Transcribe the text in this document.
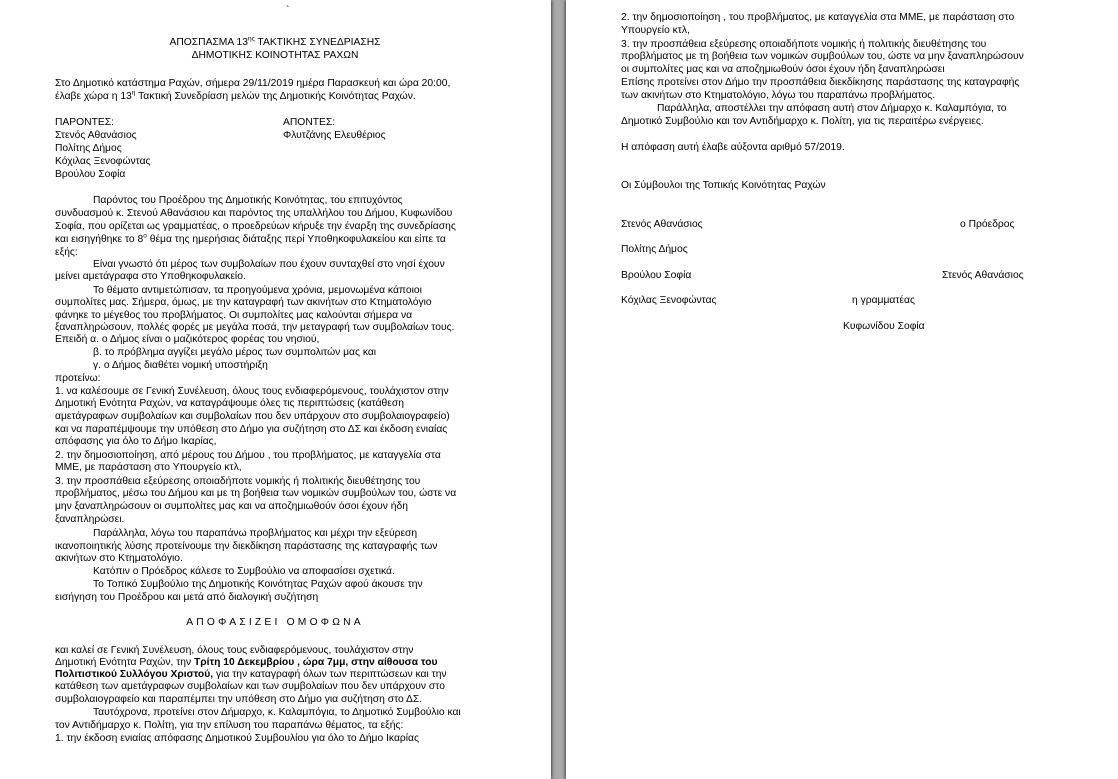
`
ΑΠΟΣΠΑΣΜΑ $13^{\eta\varsigma}$ ΤΑΚΤΙΚΗΣ ΣΥΝΕΔΡΙΑΣΗΣ
ΔΗΜΟΤΙΚΗΣ ΚΟΙΝΟΤΗΤΑΣ ΡΑΧΩΝ
Στο Δημοτικό κατάστημα Ραχών, σήμερα 29/11/2019 ημέρα Παρασκευή και ώρα 20:00,
έλαβε χώρα η $13^\eta$ Τακτική Συνεδρίαση μελών της Δημοτικής Κοινότητας Ραχών.
ΠΑΡΟΝΤΕΣ:	ΑΠΟΝΤΕΣ:
Στενός Αθανάσιος	Φλυτζάνης Ελευθέριος
Πολίτης Δήμος
Κόχιλας Ξενοφώντας
Βρούλου Σοφία
Παρόντος του Προέδρου της Δημοτικής Κοινότητας, του επιτυχόντος
συνδυασμού κ. Στενού Αθανάσιου και παρόντος της υπαλλήλου του Δήμου, Κυφωνίδου
Σοφία, που ορίζεται ως γραμματέας, ο προεδρεύων κήρυξε την έναρξη της συνεδρίασης
και εισηγήθηκε το $8^o$ θέμα της ημερήσιας διάταξης περί Υποθηκοφυλακείου και είπε τα
εξής:
Είναι γνωστό ότι μέρος των συμβολαίων που έχουν συνταχθεί στο νησί έχουν
μείνει αμετάγραφα στο Υποθηκοφυλακείο.
Το θέματο αντιμετώπισαν, τα προηγούμενα χρόνια, μεμονωμένα κάποιοι
συμπολίτες μας. Σήμερα, όμως, με την καταγραφή των ακινήτων στο Κτηματολόγιο
φάνηκε το μέγεθος του προβλήματος. Οι συμπολίτες μας καλούνται σήμερα να
ξαναπληρώσουν, πολλές φορές με μεγάλα ποσά, την μεταγραφή των συμβολαίων τους.
Επειδή α. ο Δήμος είναι ο μαζικότερος φορέας του νησιού,
β. το πρόβλημα αγγίζει μεγάλο μέρος των συμπολιτών μας και
γ. ο Δήμος διαθέτει νομική υποστήριξη
προτείνω:
1. να καλέσουμε σε Γενική Συνέλευση, όλους τους ενδιαφερόμενους, τουλάχιστον στην
Δημοτική Ενότητα Ραχών, να καταγράψουμε όλες τις περιπτώσεις (κατάθεση
αμετάγραφων συμβολαίων και συμβολαίων που δεν υπάρχουν στο συμβολαιογραφείο)
και να παραπέμψουμε την υπόθεση στο Δήμο για συζήτηση στο ΔΣ και έκδοση ενιαίας
απόφασης για όλο το Δήμο Ικαρίας,
2. την δημοσιοποίηση, από μέρους του Δήμου , του προβλήματος, με καταγγελία στα
ΜΜΕ, με παράσταση στο Υπουργείο κτλ,
3. την προσπάθεια εξεύρεσης οποιαδήποτε νομικής ή πολιτικής διευθέτησης του
προβλήματος, μέσω του Δήμου και με τη βοήθεια των νομικών συμβούλων του, ώστε να
μην ξαναπληρώσουν οι συμπολίτες μας και να αποζημιωθούν όσοι έχουν ήδη
ξαναπληρώσει.
Παράλληλα, λόγω του παραπάνω προβλήματος και μέχρι την εξεύρεση
ικανοποιητικής λύσης προτείνουμε την διεκδίκηση παράστασης της καταγραφής των
ακινήτων στο Κτηματολόγιο.
Κατόπιν ο Πρόεδρος κάλεσε το Συμβούλιο να αποφασίσει σχετικά.
Το Τοπικό Συμβούλιο της Δημοτικής Κοινότητας Ραχών αφού άκουσε την
εισήγηση του Προέδρου και μετά από διαλογική συζήτηση
ΑΠΟΦΑΣΙΖΕΙ ΟΜΟΦΩΝΑ
και καλεί σε Γενική Συνέλευση, όλους τους ενδιαφερόμενους, τουλάχιστον στην
Δημοτική Ενότητα Ραχών, την Τρίτη 10 Δεκεμβρίου , ώρα 7μμ, στην αίθουσα του
Πολιτιστικού Συλλόγου Χριστού, για την καταγραφή όλων των περιπτώσεων και την
κατάθεση των αμετάγραφων συμβολαίων και των συμβολαίων που δεν υπάρχουν στο
συμβολαιογραφείο και παραπέμπει την υπόθεση στο Δήμο για συζήτηση στο ΔΣ.
Ταυτόχρονα, προτείνει στον Δήμαρχο, κ. Καλαμπόγια, το Δημοτικό Συμβούλιο και
τον Αντιδήμαρχο κ. Πολίτη, για την επίλυση του παραπάνω θέματος, τα εξής:
1. την έκδοση ενιαίας απόφασης Δημοτικού Συμβουλίου για όλο το Δήμο Ικαρίας
2. την δημοσιοποίηση , του προβλήματος, με καταγγελία στα ΜΜΕ, με παράσταση στο
Υπουργείο κτλ,
3. την προσπάθεια εξεύρεσης οποιαδήποτε νομικής ή πολιτικής διευθέτησης του
προβλήματος με τη βοήθεια των νομικών συμβούλων του, ώστε να μην ξαναπληρώσουν
οι συμπολίτες μας και να αποζημιωθούν όσοι έχουν ήδη ξαναπληρώσει
Επίσης προτείνει στον Δήμο την προσπάθεια διεκδίκησης παράστασης της καταγραφής
των ακινήτων στο Κτηματολόγιο, λόγω του παραπάνω προβλήματος.
Παράλληλα, αποστέλλει την απόφαση αυτή στον Δήμαρχο κ. Καλαμπόγια, το
Δημοτικό Συμβούλιο και τον Αντιδήμαρχο κ. Πολίτη, για τις περαιτέρω ενέργειες.
Η απόφαση αυτή έλαβε αύξοντα αριθμό 57/2019.
Οι Σύμβουλοι της Τοπικής Κοινότητας Ραχών
Στενός Αθανάσιος	ο Πρόεδρος
Πολίτης Δήμος
Βρούλου Σοφία	Στενός Αθανάσιος
Κόχιλας Ξενοφώντας	η γραμματέας
Κυφωνίδου Σοφία
